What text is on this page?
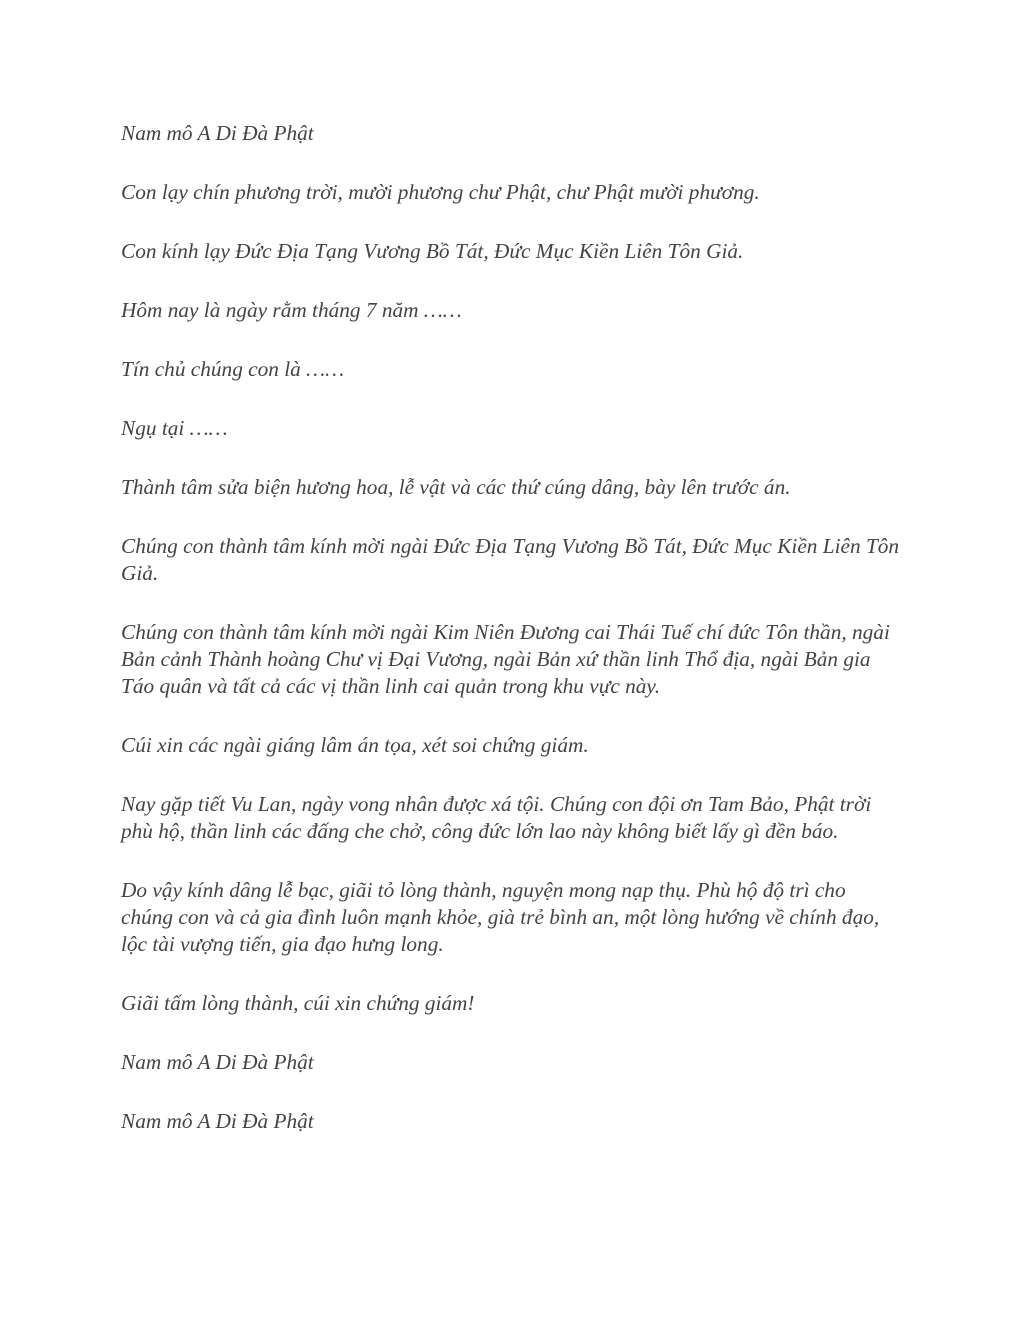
Nam mô A Di Đà Phật

Con lạy chín phương trời, mười phương chư Phật, chư Phật mười phương.

Con kính lạy Đức Địa Tạng Vương Bồ Tát, Đức Mục Kiền Liên Tôn Giả.

Hôm nay là ngày rằm tháng 7 năm ……

Tín chủ chúng con là ……

Ngụ tại ……

Thành tâm sửa biện hương hoa, lễ vật và các thứ cúng dâng, bày lên trước án.

Chúng con thành tâm kính mời ngài Đức Địa Tạng Vương Bồ Tát, Đức Mục Kiền Liên Tôn Giả.

Chúng con thành tâm kính mời ngài Kim Niên Đương cai Thái Tuế chí đức Tôn thần, ngài Bản cảnh Thành hoàng Chư vị Đại Vương, ngài Bản xứ thần linh Thổ địa, ngài Bản gia Táo quân và tất cả các vị thần linh cai quản trong khu vực này.

Cúi xin các ngài giáng lâm án tọa, xét soi chứng giám.

Nay gặp tiết Vu Lan, ngày vong nhân được xá tội. Chúng con đội ơn Tam Bảo, Phật trời phù hộ, thần linh các đấng che chở, công đức lớn lao này không biết lấy gì đền báo.

Do vậy kính dâng lễ bạc, giãi tỏ lòng thành, nguyện mong nạp thụ. Phù hộ độ trì cho chúng con và cả gia đình luôn mạnh khỏe, già trẻ bình an, một lòng hướng về chính đạo, lộc tài vượng tiến, gia đạo hưng long.

Giãi tấm lòng thành, cúi xin chứng giám!

Nam mô A Di Đà Phật

Nam mô A Di Đà Phật
